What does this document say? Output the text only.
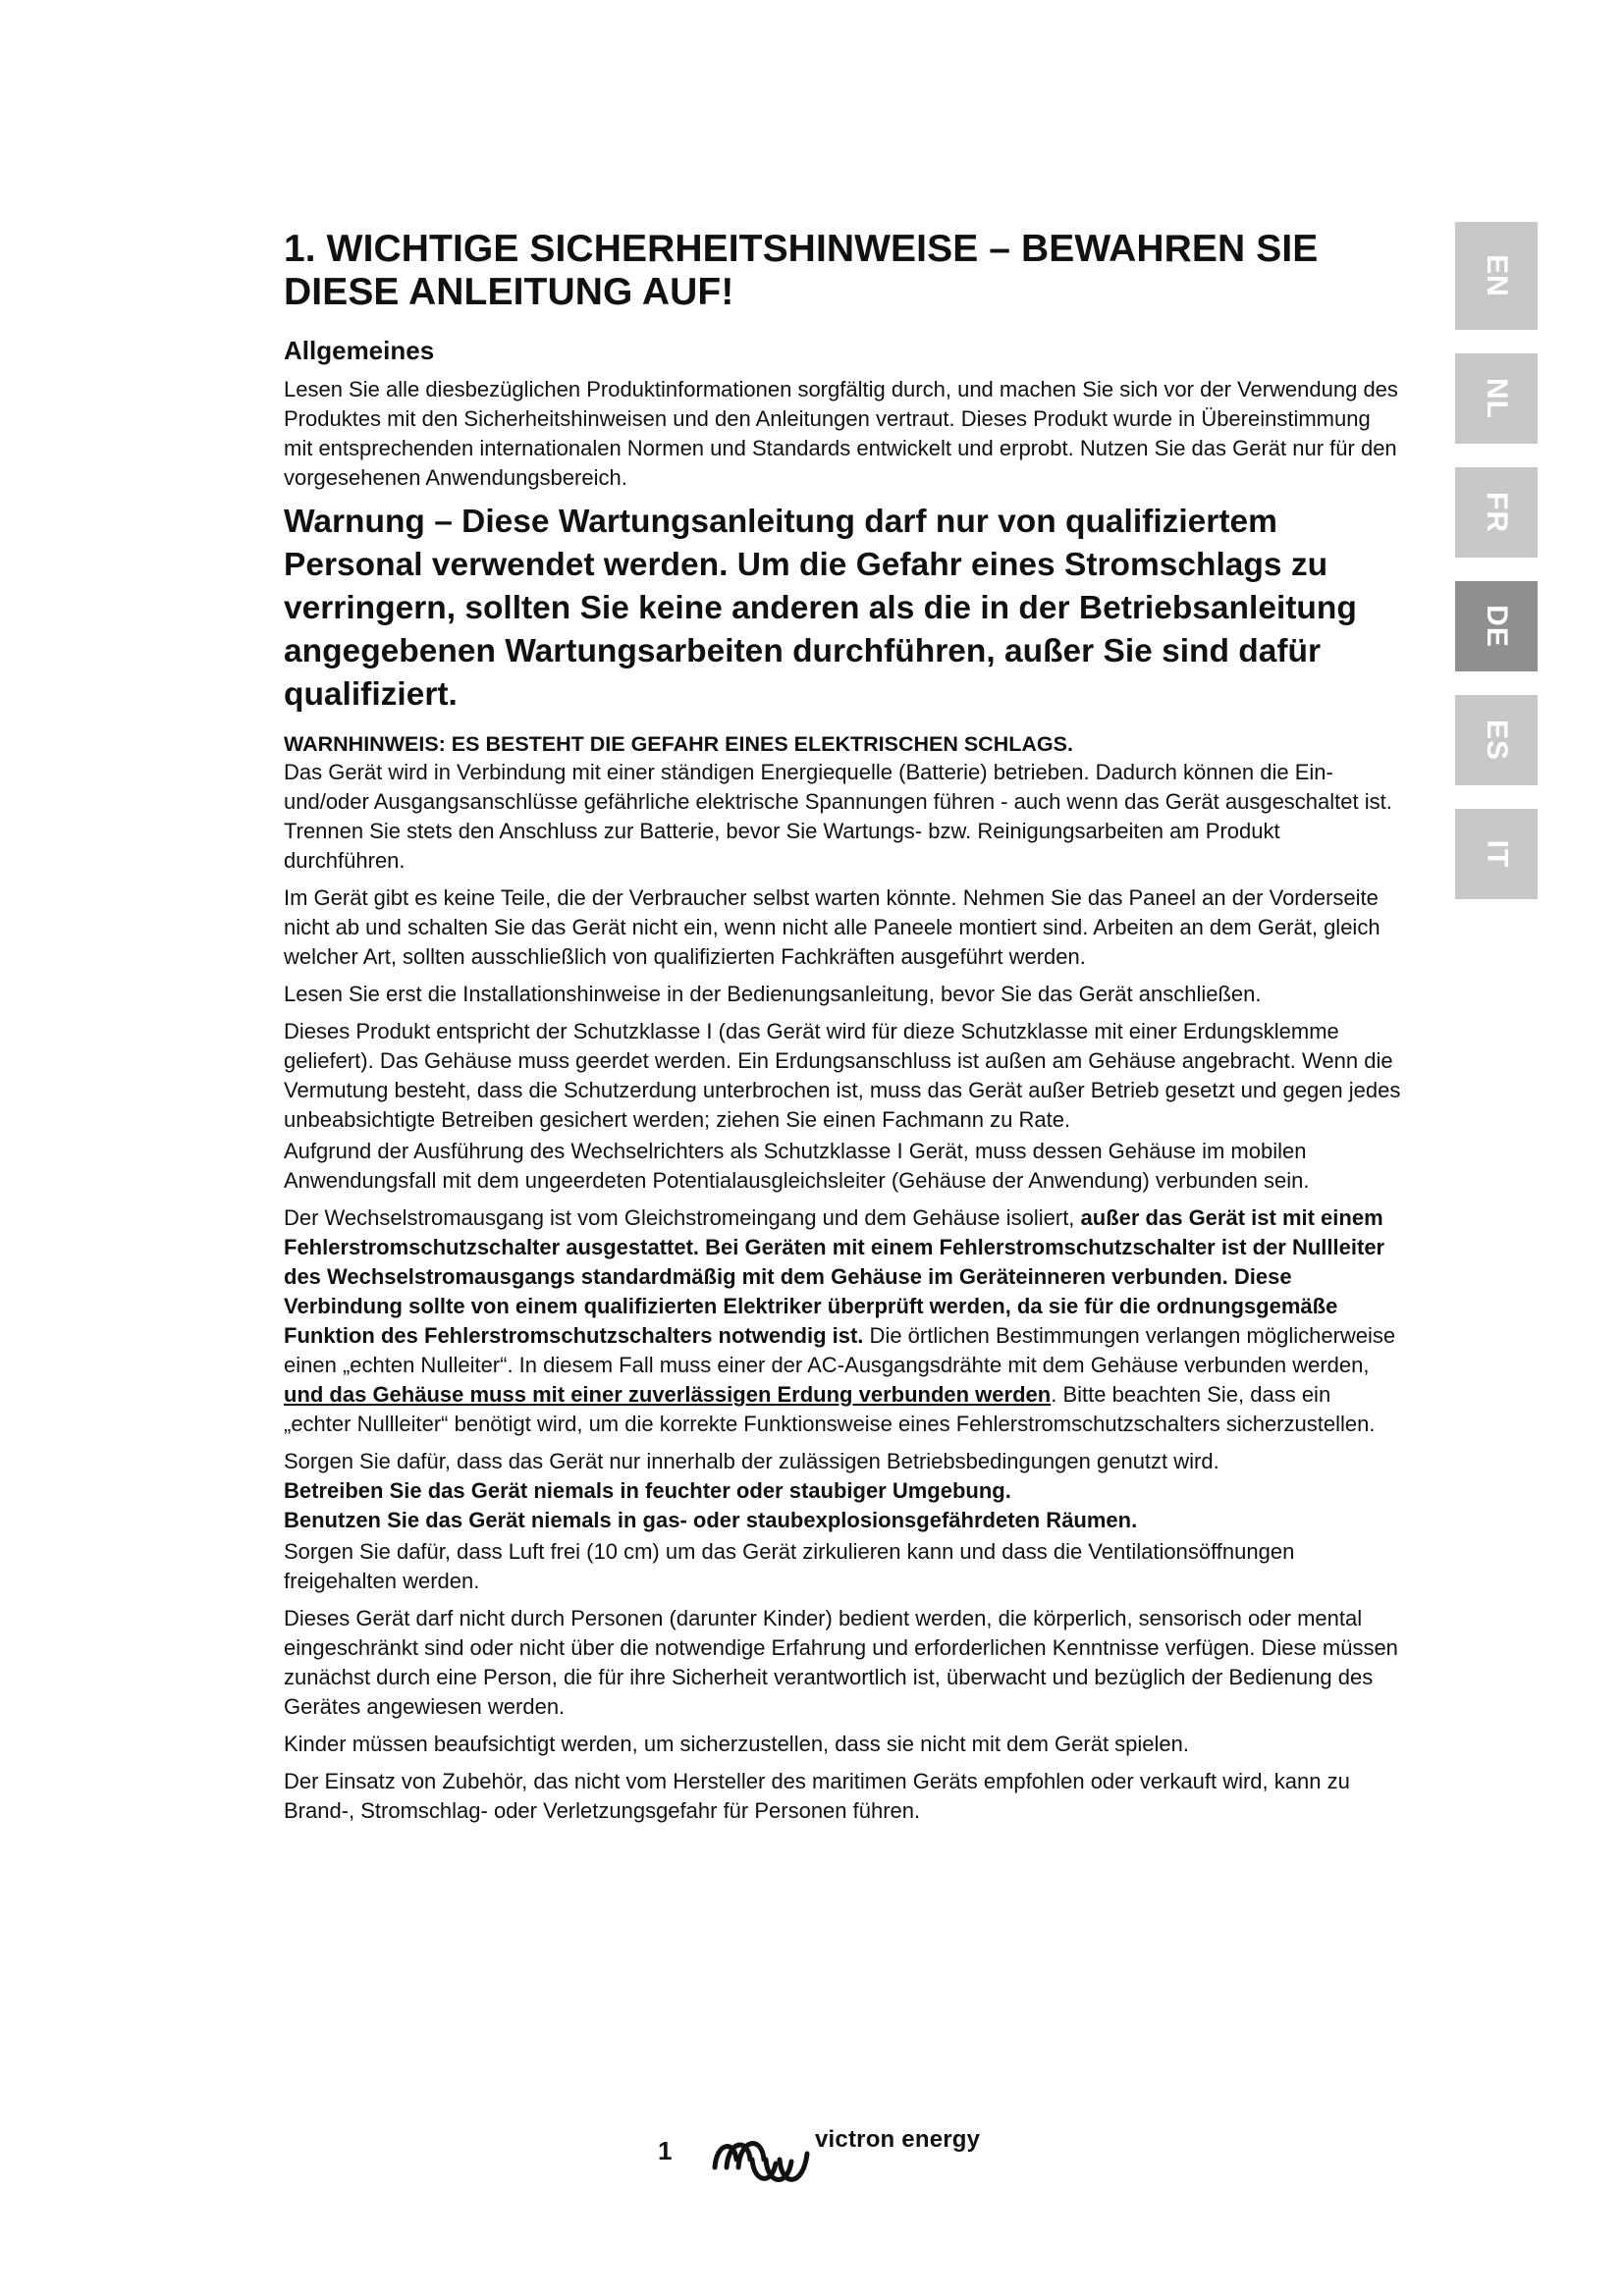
1. WICHTIGE SICHERHEITSHINWEISE – BEWAHREN SIE DIESE ANLEITUNG AUF!
Allgemeines

Lesen Sie alle diesbezüglichen Produktinformationen sorgfältig durch, und machen Sie sich vor der Verwendung des Produktes mit den Sicherheitshinweisen und den Anleitungen vertraut. Dieses Produkt wurde in Übereinstimmung mit entsprechenden internationalen Normen und Standards entwickelt und erprobt. Nutzen Sie das Gerät nur für den vorgesehenen Anwendungsbereich.

Warnung – Diese Wartungsanleitung darf nur von qualifiziertem Personal verwendet werden. Um die Gefahr eines Stromschlags zu verringern, sollten Sie keine anderen als die in der Betriebsanleitung angegebenen Wartungsarbeiten durchführen, außer Sie sind dafür qualifiziert.
WARNHINWEIS: ES BESTEHT DIE GEFAHR EINES ELEKTRISCHEN SCHLAGS.

Das Gerät wird in Verbindung mit einer ständigen Energiequelle (Batterie) betrieben. Dadurch können die Ein- und/oder Ausgangsanschlüsse gefährliche elektrische Spannungen führen - auch wenn das Gerät ausgeschaltet ist. Trennen Sie stets den Anschluss zur Batterie, bevor Sie Wartungs- bzw. Reinigungsarbeiten am Produkt durchführen.

Im Gerät gibt es keine Teile, die der Verbraucher selbst warten könnte. Nehmen Sie das Paneel an der Vorderseite nicht ab und schalten Sie das Gerät nicht ein, wenn nicht alle Paneele montiert sind. Arbeiten an dem Gerät, gleich welcher Art, sollten ausschließlich von qualifizierten Fachkräften ausgeführt werden.

Lesen Sie erst die Installationshinweise in der Bedienungsanleitung, bevor Sie das Gerät anschließen.

Dieses Produkt entspricht der Schutzklasse I (das Gerät wird für dieze Schutzklasse mit einer Erdungsklemme geliefert). Das Gehäuse muss geerdet werden. Ein Erdungsanschluss ist außen am Gehäuse angebracht. Wenn die Vermutung besteht, dass die Schutzerdung unterbrochen ist, muss das Gerät außer Betrieb gesetzt und gegen jedes unbeabsichtigte Betreiben gesichert werden; ziehen Sie einen Fachmann zu Rate.

Aufgrund der Ausführung des Wechselrichters als Schutzklasse I Gerät, muss dessen Gehäuse im mobilen Anwendungsfall mit dem ungeerdeten Potentialausgleichsleiter (Gehäuse der Anwendung) verbunden sein.

Der Wechselstromausgang ist vom Gleichstromeingang und dem Gehäuse isoliert, außer das Gerät ist mit einem Fehlerstromschutzschalter ausgestattet. Bei Geräten mit einem Fehlerstromschutzschalter ist der Nullleiter des Wechselstromausgangs standardmäßig mit dem Gehäuse im Geräteinneren verbunden. Diese Verbindung sollte von einem qualifizierten Elektriker überprüft werden, da sie für die ordnungsgemäße Funktion des Fehlerstromschutzschalters notwendig ist. Die örtlichen Bestimmungen verlangen möglicherweise einen „echten Nulleiter“. In diesem Fall muss einer der AC-Ausgangsdrähte mit dem Gehäuse verbunden werden, und das Gehäuse muss mit einer zuverlässigen Erdung verbunden werden. Bitte beachten Sie, dass ein „echter Nullleiter“ benötigt wird, um die korrekte Funktionsweise eines Fehlerstromschutzschalters sicherzustellen.

Sorgen Sie dafür, dass das Gerät nur innerhalb der zulässigen Betriebsbedingungen genutzt wird.
Betreiben Sie das Gerät niemals in feuchter oder staubiger Umgebung.
Benutzen Sie das Gerät niemals in gas- oder staubexplosionsgefährdeten Räumen.

Sorgen Sie dafür, dass Luft frei (10 cm) um das Gerät zirkulieren kann und dass die Ventilationsöffnungen freigehalten werden.

Dieses Gerät darf nicht durch Personen (darunter Kinder) bedient werden, die körperlich, sensorisch oder mental eingeschränkt sind oder nicht über die notwendige Erfahrung und erforderlichen Kenntnisse verfügen. Diese müssen zunächst durch eine Person, die für ihre Sicherheit verantwortlich ist, überwacht und bezüglich der Bedienung des Gerätes angewiesen werden.

Kinder müssen beaufsichtigt werden, um sicherzustellen, dass sie nicht mit dem Gerät spielen.

Der Einsatz von Zubehör, das nicht vom Hersteller des maritimen Geräts empfohlen oder verkauft wird, kann zu Brand-, Stromschlag- oder Verletzungsgefahr für Personen führen.

EN
NL
FR
DE
ES
IT
1	victron energy
